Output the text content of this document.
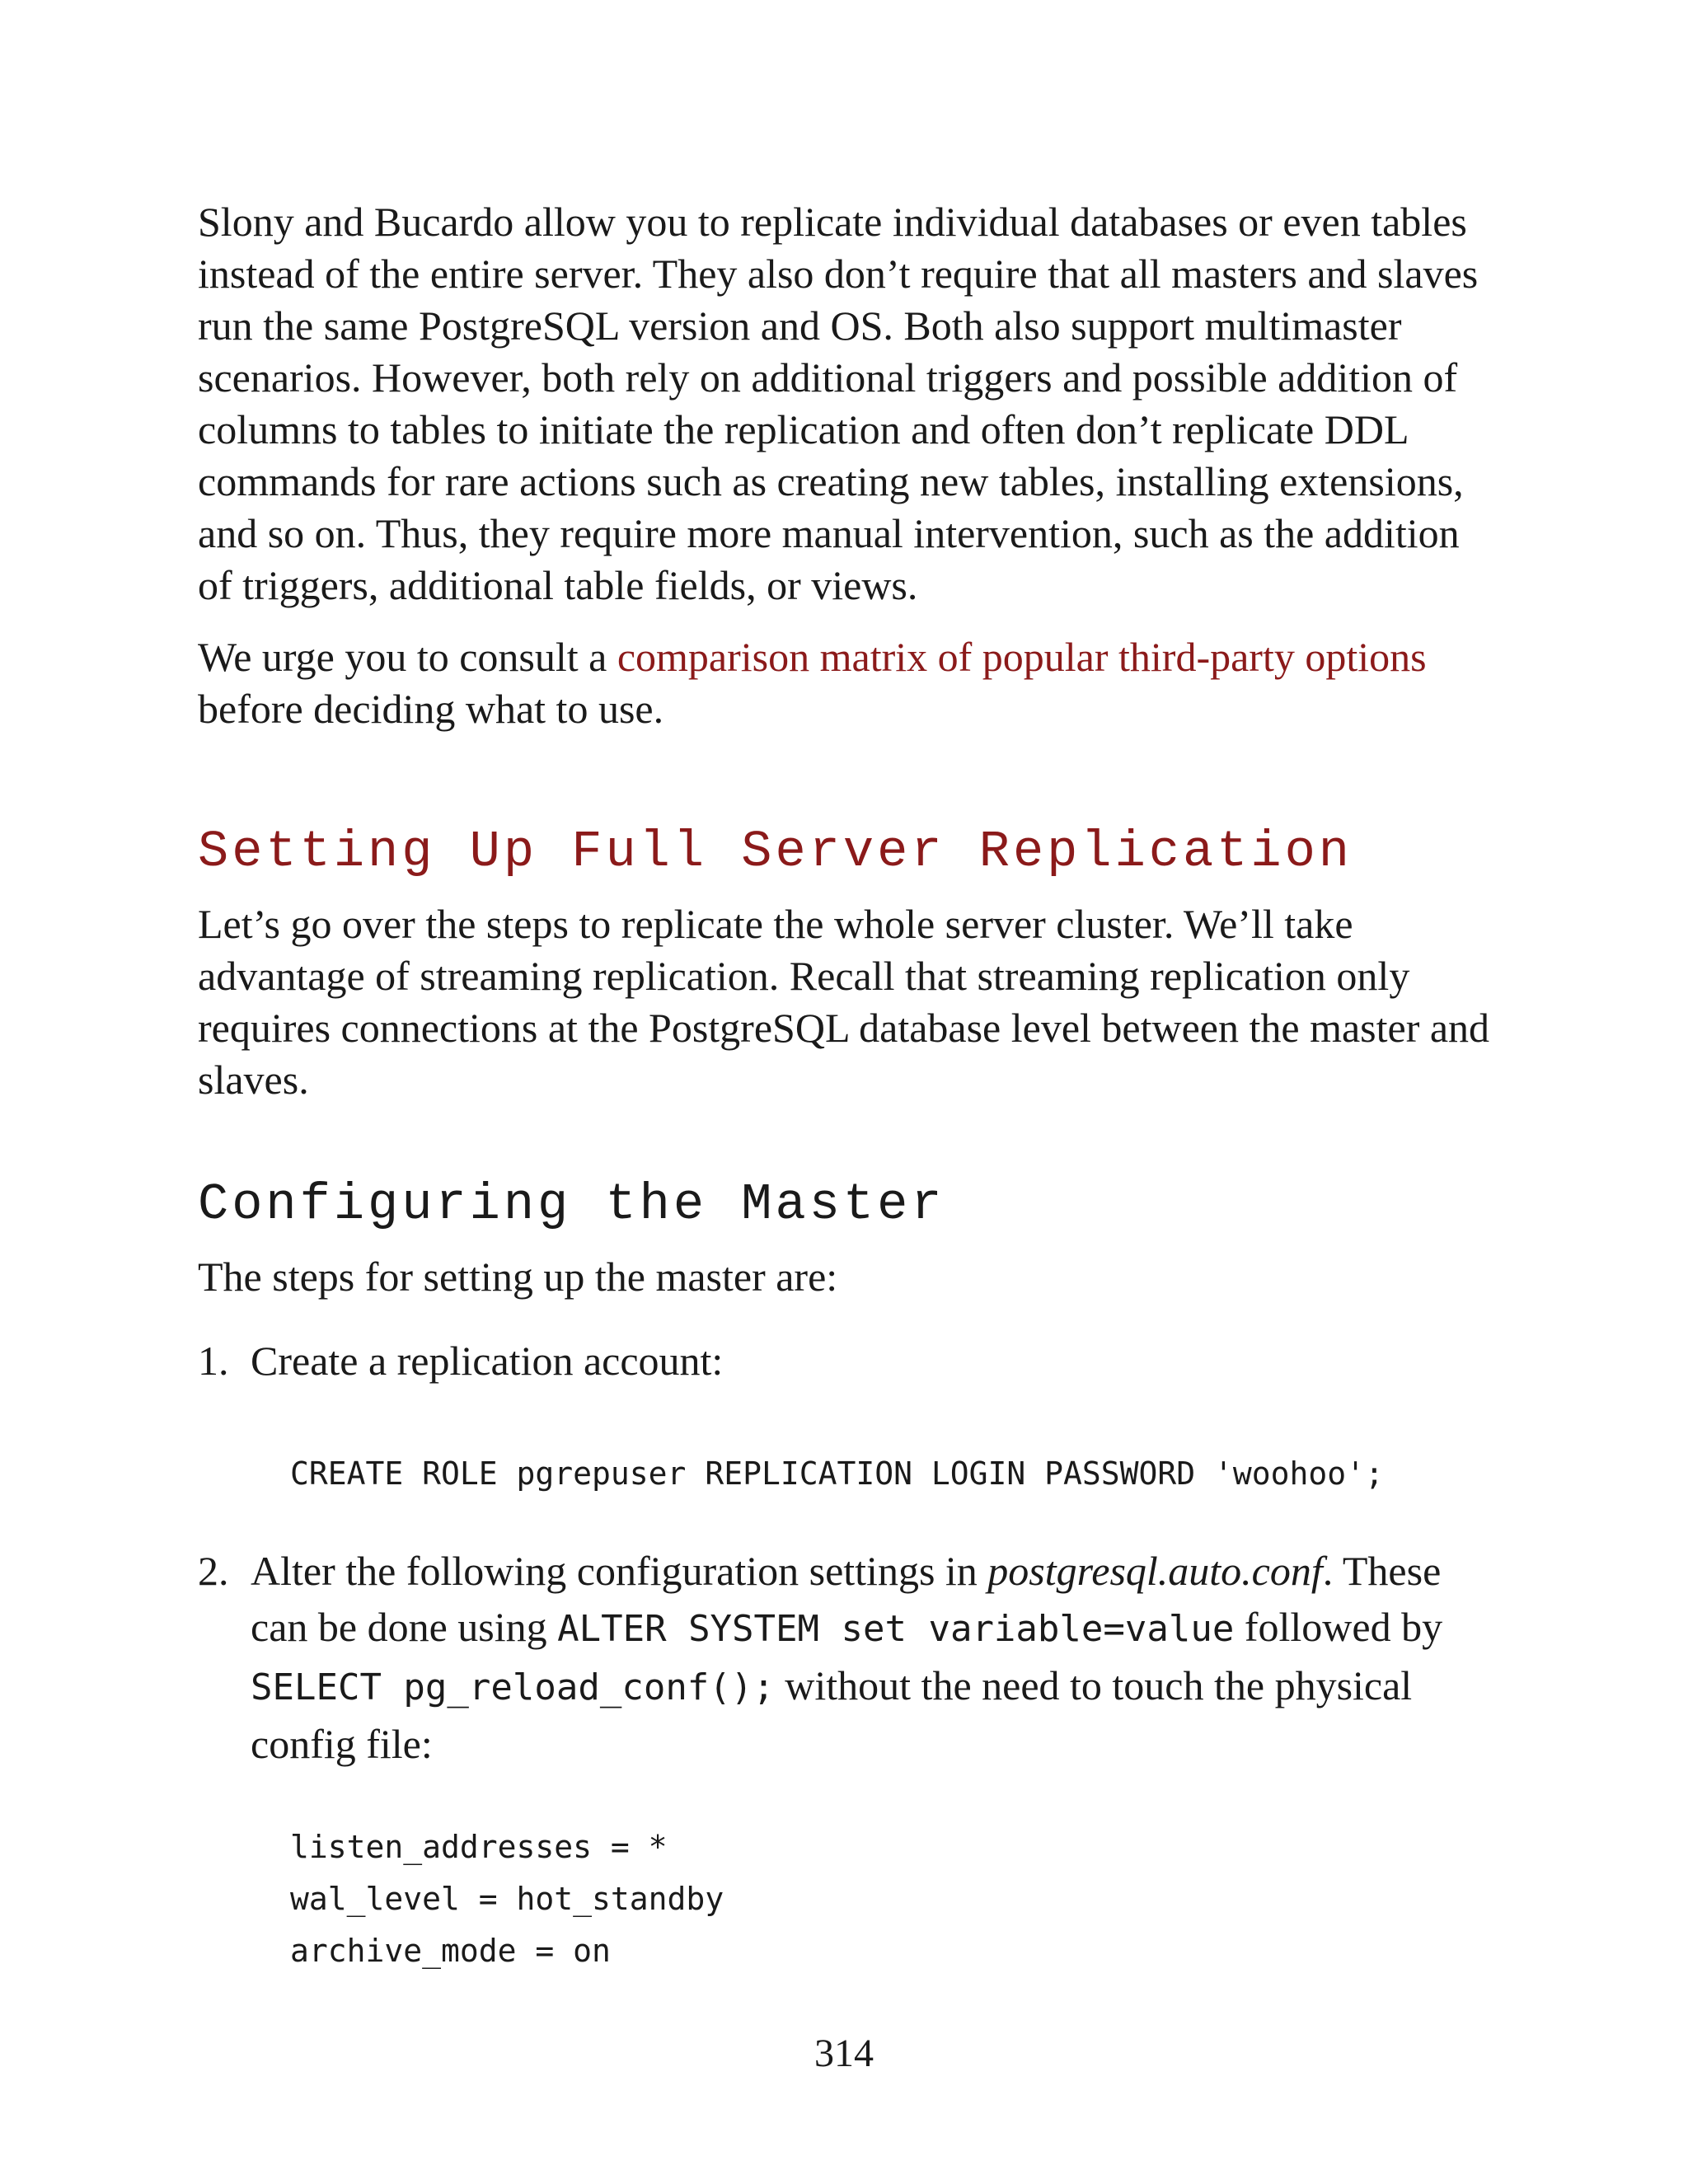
Slony and Bucardo allow you to replicate individual databases or even tables instead of the entire server. They also don’t require that all masters and slaves run the same PostgreSQL version and OS. Both also support multimaster scenarios. However, both rely on additional triggers and possible addition of columns to tables to initiate the replication and often don’t replicate DDL commands for rare actions such as creating new tables, installing extensions, and so on. Thus, they require more manual intervention, such as the addition of triggers, additional table fields, or views.

We urge you to consult a comparison matrix of popular third-party options before deciding what to use.

Setting Up Full Server Replication

Let’s go over the steps to replicate the whole server cluster. We’ll take advantage of streaming replication. Recall that streaming replication only requires connections at the PostgreSQL database level between the master and slaves.

Configuring the Master

The steps for setting up the master are:

1. Create a replication account:
CREATE ROLE pgrepuser REPLICATION LOGIN PASSWORD 'woohoo';
2. Alter the following configuration settings in postgresql.auto.conf. These can be done using ALTER SYSTEM set variable=value followed by SELECT pg_reload_conf(); without the need to touch the physical config file:
listen_addresses = *
wal_level = hot_standby
archive_mode = on
314
